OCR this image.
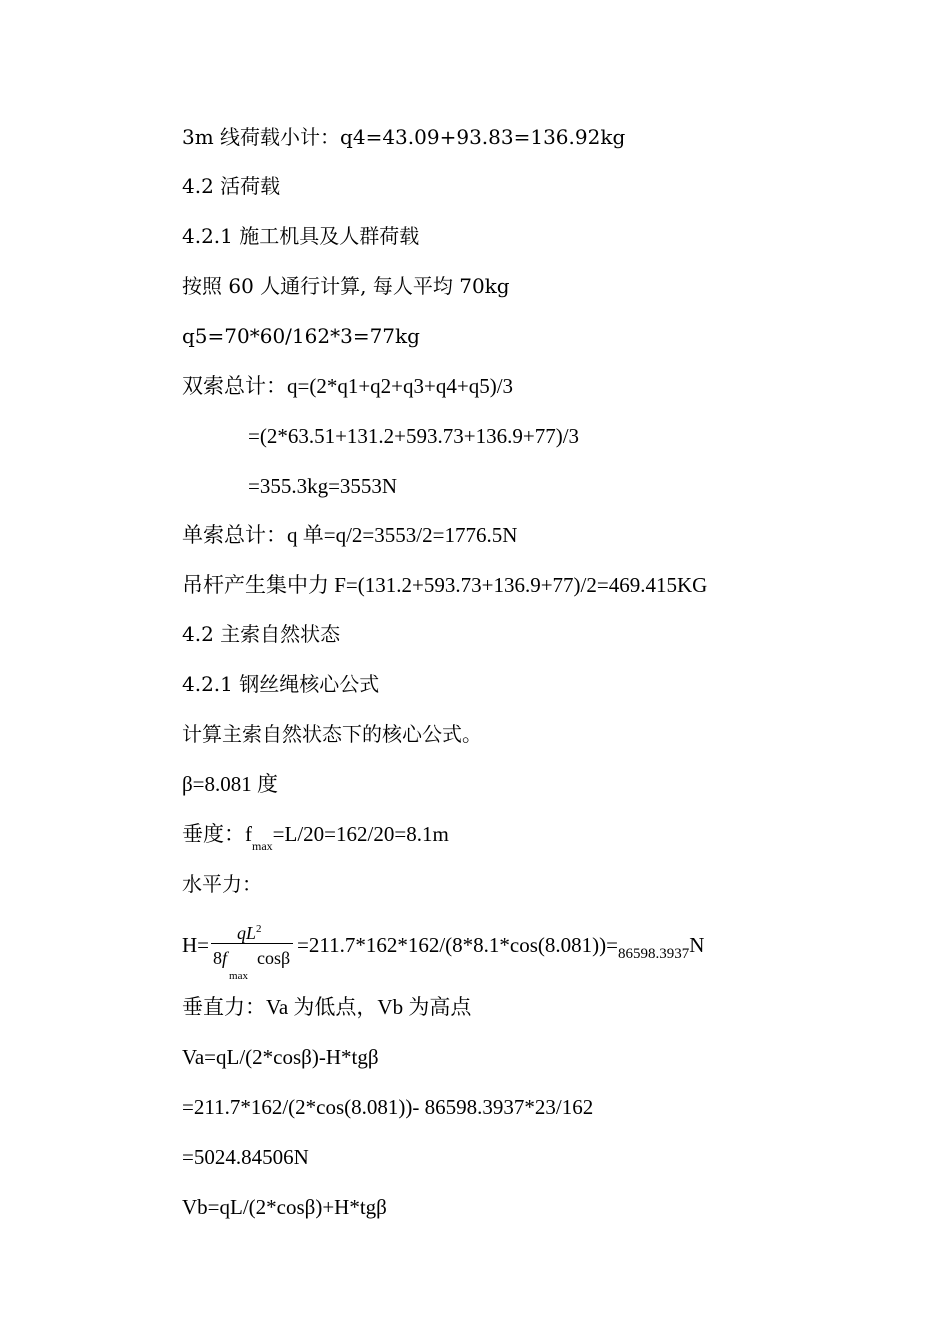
3m 线荷载小计：q4=43.09+93.83=136.92kg
4.2 活荷载
4.2.1 施工机具及人群荷载
按照 60 人通行计算, 每人平均 70kg
q5=70*60/162*3=77kg
双索总计：q=(2*q1+q2+q3+q4+q5)/3
=(2*63.51+131.2+593.73+136.9+77)/3
=355.3kg=3553N
单索总计：q 单=q/2=3553/2=1776.5N
吊杆产生集中力 F=(131.2+593.73+136.9+77)/2=469.415KG
4.2 主索自然状态
4.2.1 钢丝绳核心公式
计算主索自然状态下的核心公式。
β=8.081 度
垂度：$f_{max}=L/20=162/20=8.1m$
水平力：
$H= qL^2$
8f
max
$\cos\beta =211.7*162*162/(8*8.1*\cos(8.081))=_{86598.3937}N$
垂直力：Va 为低点，Vb 为高点
Va=qL/(2*cosβ)-H*tgβ
=211.7*162/(2*cos(8.081))- 86598.3937*23/162
=5024.84506N
Vb=qL/(2*cosβ)+H*tgβ
